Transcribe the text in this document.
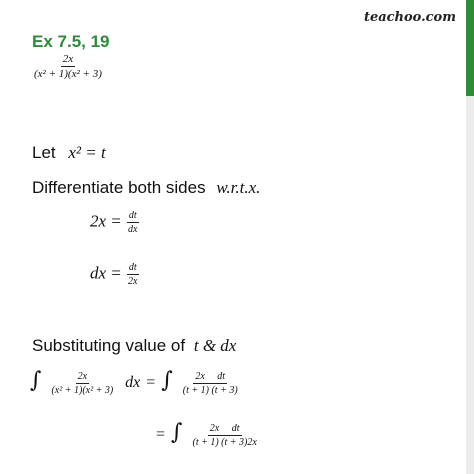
teachoo.com
Ex 7.5, 19
$\frac{2x}{\text{(x² + 1)(x² + 3)}}$
Let x² = t
Differentiate both sides w.r.t.x.
$2x = \frac{dt}{dx}$
dx = $\frac{dt}{2x}$
Substituting value of t & dx
∫ $\frac{2x}{\text{(x² + 1)(x² + 3)}}$ dx = ∫ $\frac{\text{2x     dt}}{(t + 1) (t + 3)}$
= ∫ $\frac{\text{2x     dt}}{(t + 1) (t + 3)2x}$
